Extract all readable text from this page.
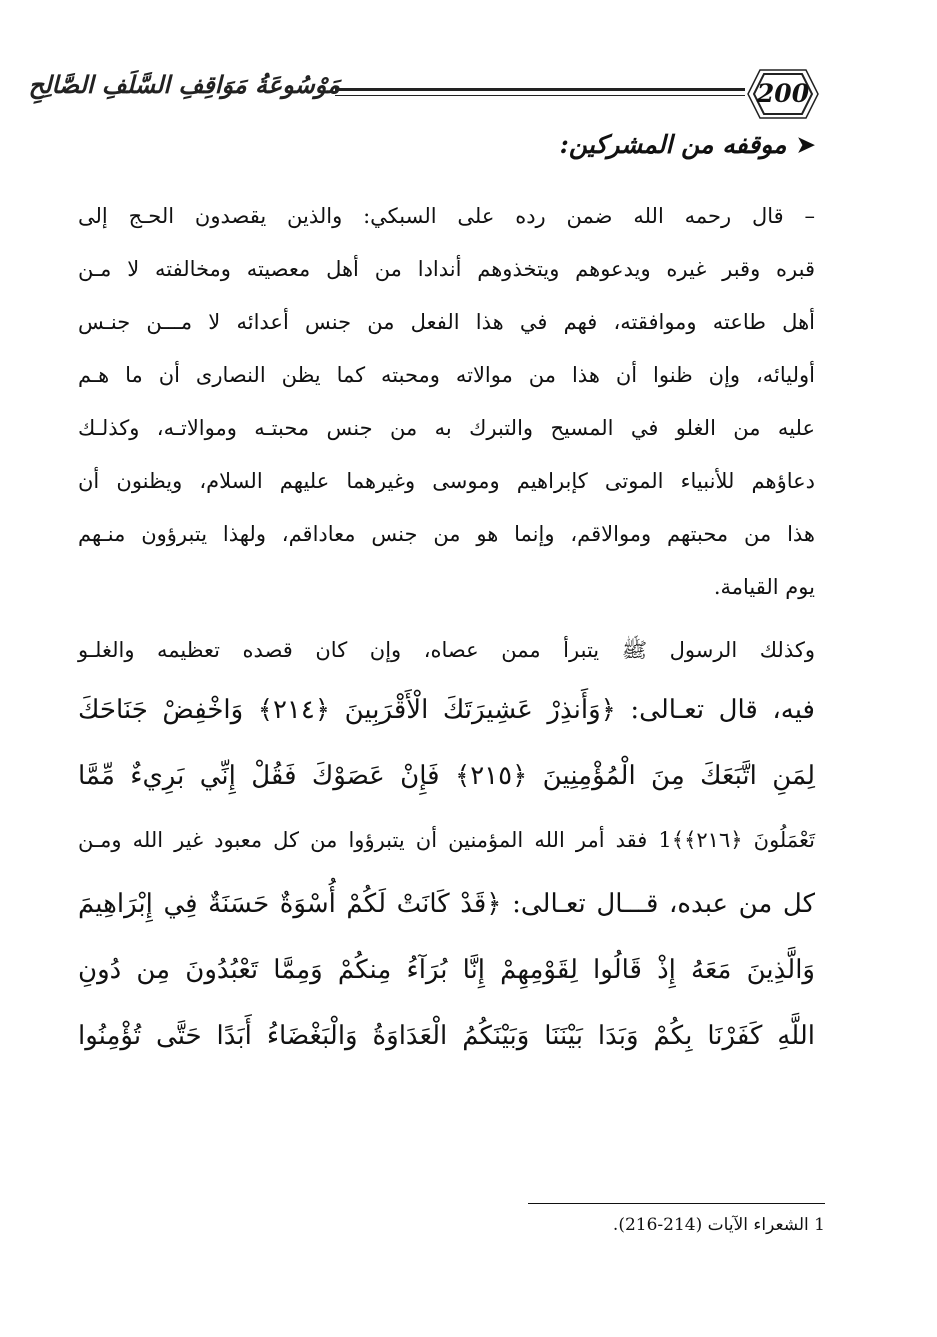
مَوْسُوعَةُ مَوَاقِفِ السَّلَفِ الصَّالِحِ	200
➤
موقفه من المشركين:
– قال رحمه الله ضمن رده على السبكي: والذين يقصدون الحـج إلى
قبره وقبر غيره ويدعوهم ويتخذوهم أندادا من أهل معصيته ومخالفته لا مـن
أهل طاعته وموافقته، فهم في هذا الفعل من جنس أعدائه لا مـــن جنـس
أوليائه، وإن ظنوا أن هذا من موالاته ومحبته كما يظن النصارى أن ما هـم
عليه من الغلو في المسيح والتبرك به من جنس محبتـه وموالاتـه، وكذلـك
دعاؤهم للأنبياء الموتى كإبراهيم وموسى وغيرهما عليهم السلام، ويظنون أن
هذا من محبتهم وموالاقم، وإنما هو من جنس معاداقم، ولهذا يتبرؤون منـهم
يوم القيامة.
وكذلك الرسول ﷺ يتبرأ ممن عصاه، وإن كان قصده تعظيمه والغلـو
فيه، قال تعـالى: ﴿وَأَنذِرْ عَشِيرَتَكَ الْأَقْرَبِينَ ﴿٢١٤﴾ وَاخْفِضْ جَنَاحَكَ
لِمَنِ اتَّبَعَكَ مِنَ الْمُؤْمِنِينَ ﴿٢١٥﴾ فَإِنْ عَصَوْكَ فَقُلْ إِنِّي بَرِيءٌ مِّمَّا
تَعْمَلُونَ ﴿٢١٦﴾﴾1 فقد أمر الله المؤمنين أن يتبرؤوا من كل معبود غير الله ومـن
كل من عبده، قـــال تعـالى: ﴿قَدْ كَانَتْ لَكُمْ أُسْوَةٌ حَسَنَةٌ فِي إِبْرَاهِيمَ
وَالَّذِينَ مَعَهُ إِذْ قَالُوا لِقَوْمِهِمْ إِنَّا بُرَآءُ مِنكُمْ وَمِمَّا تَعْبُدُونَ مِن دُونِ
اللَّهِ كَفَرْنَا بِكُمْ وَبَدَا بَيْنَنَا وَبَيْنَكُمُ الْعَدَاوَةُ وَالْبَغْضَاءُ أَبَدًا حَتَّى تُؤْمِنُوا
1 الشعراء الآيات (214-216).
